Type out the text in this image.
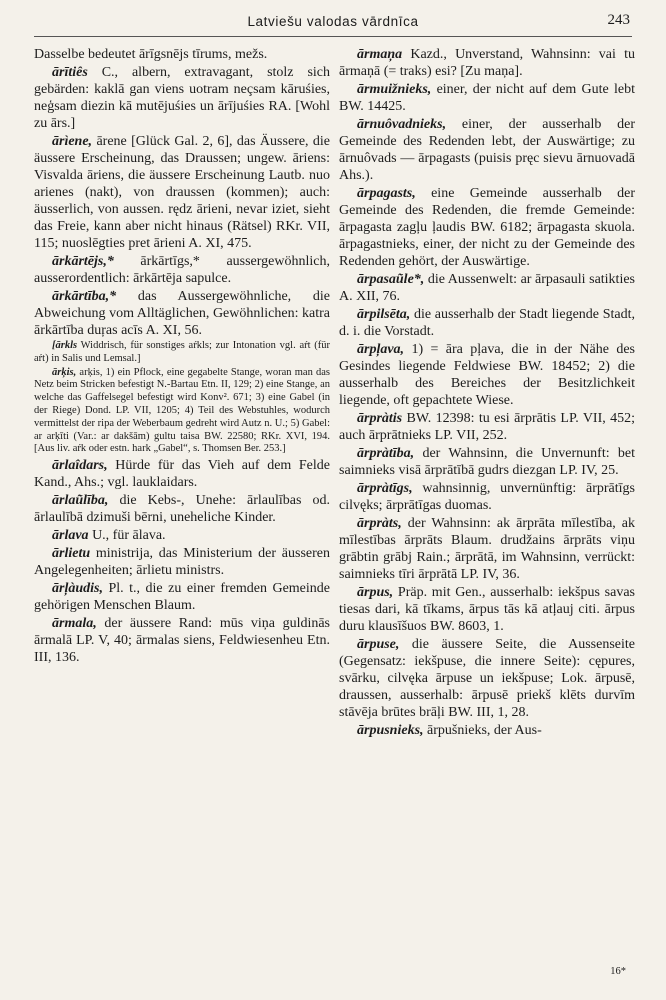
Latviešu valodas vārdnīca	243

Dasselbe bedeutet ārīgsnējs tīrums, mežs.

ārītiês C., albern, extravagant, stolz sich gebärden: kaklā gan viens uotram neçsam kāruśies, neģsam diezin kā mutējuśies un ārījuśies RA. [Wohl zu ārs.]

ārìene, ārene [Glück Gal. 2, 6], das Äussere, die äussere Erscheinung, das Draussen; ungew. āriens: Visvalda āriens, die äussere Erscheinung Lautb. nuo arienes (nakt), von draussen (kommen); auch: äusserlich, von aussen. rędz ārieni, nevar iziet, sieht das Freie, kann aber nicht hinaus (Rätsel) RKr. VII, 115; nuoslēgties pret ārieni A. XI, 475.

ārkārtējs,* ārkārtīgs,* aussergewöhnlich, ausserordentlich: ārkārtēja sapulce.

ārkārtība,* das Aussergewöhnliche, die Abweichung vom Alltäglichen, Gewöhnlichen: katra ārkārtība duŗas acīs A. XI, 56.

[ārkls Widdrisch, für sonstiges aŕkls; zur Intonation vgl. aŕt (für aŕt) in Salis und Lemsal.]

ārķis, arķis, 1) ein Pflock, eine gegabelte Stange, woran man das Netz beim Stricken befestigt N.-Bartau Etn. II, 129; 2) eine Stange, an welche das Gaffelsegel befestigt wird Konv². 671; 3) eine Gabel (in der Riege) Dond. LP. VII, 1205; 4) Teil des Webstuhles, wodurch vermittelst der ripa der Weberbaum gedreht wird Autz n. U.; 5) Gabel: ar arķīti (Var.: ar dakšām) gultu taisa BW. 22580; RKr. XVI, 194. [Aus liv. aŕk oder estn. hark „Gabel“, s. Thomsen Ber. 253.]

ārlaîdars, Hürde für das Vieh auf dem Felde Kand., Ahs.; vgl. lauklaidars.

ārlaũlība, die Kebs-, Unehe: ārlaulības od. ārlaulībā dzimuši bērni, uneheliche Kinder.

ārlava U., für ālava.

ārlietu ministrija, das Ministerium der äusseren Angelegenheiten; ārlietu ministrs.

ārļàudis, Pl. t., die zu einer fremden Gemeinde gehörigen Menschen Blaum.

ārmala, der äussere Rand: mūs viņa guldinās ārmalā LP. V, 40; ārmalas siens, Feldwiesenheu Etn. III, 136.

ārmaņa Kazd., Unverstand, Wahnsinn: vai tu ārmaņā (= traks) esi? [Zu maņa].

ārmuižnieks, einer, der nicht auf dem Gute lebt BW. 14425.

ārnuôvadnieks, einer, der ausserhalb der Gemeinde des Redenden lebt, der Auswärtige; zu ārnuôvads — ārpagasts (puisis pręc sievu ārnuovadā Ahs.).

ārpagasts, eine Gemeinde ausserhalb der Gemeinde des Redenden, die fremde Gemeinde: ārpagasta zagļu ļaudis BW. 6182; ārpagasta skuola. ārpagastnieks, einer, der nicht zu der Gemeinde des Redenden gehört, der Auswärtige.

ārpasaũle*, die Aussenwelt: ar ārpasauli satikties A. XII, 76.

ārpilsēta, die ausserhalb der Stadt liegende Stadt, d. i. die Vorstadt.

ārpļava, 1) = āra pļava, die in der Nähe des Gesindes liegende Feldwiese BW. 18452; 2) die ausserhalb des Bereiches der Besitzlichkeit liegende, oft gepachtete Wiese.

ārpràtis BW. 12398: tu esi ārprātis LP. VII, 452; auch ārprātnieks LP. VII, 252.

ārpràtība, der Wahnsinn, die Unvernunft: bet saimnieks visā ārprātībā gudrs diezgan LP. IV, 25.

ārpràtīgs, wahnsinnig, unvernünftig: ārprātīgs cilvęks; ārprātīgas duomas.

ārpràts, der Wahnsinn: ak ārprāta mīlestība, ak mīlestības ārprāts Blaum. drudžains ārprāts viņu grābtin grābj Rain.; ārprātā, im Wahnsinn, verrückt: saimnieks tīri ārprātā LP. IV, 36.

ārpus, Präp. mit Gen., ausserhalb: iekšpus savas tiesas dari, kā tīkams, ārpus tās kā atļauj citi. ārpus duru klausīšuos BW. 8603, 1.

ārpuse, die äussere Seite, die Aussenseite (Gegensatz: iekšpuse, die innere Seite): cępures, svārku, cilvęka ārpuse un iekšpuse; Lok. ārpusē, draussen, ausserhalb: ārpusē priekš klēts durvīm stāvēja brūtes brāļi BW. III, 1, 28.

ārpusnieks, ārpušnieks, der Aus-

16*
